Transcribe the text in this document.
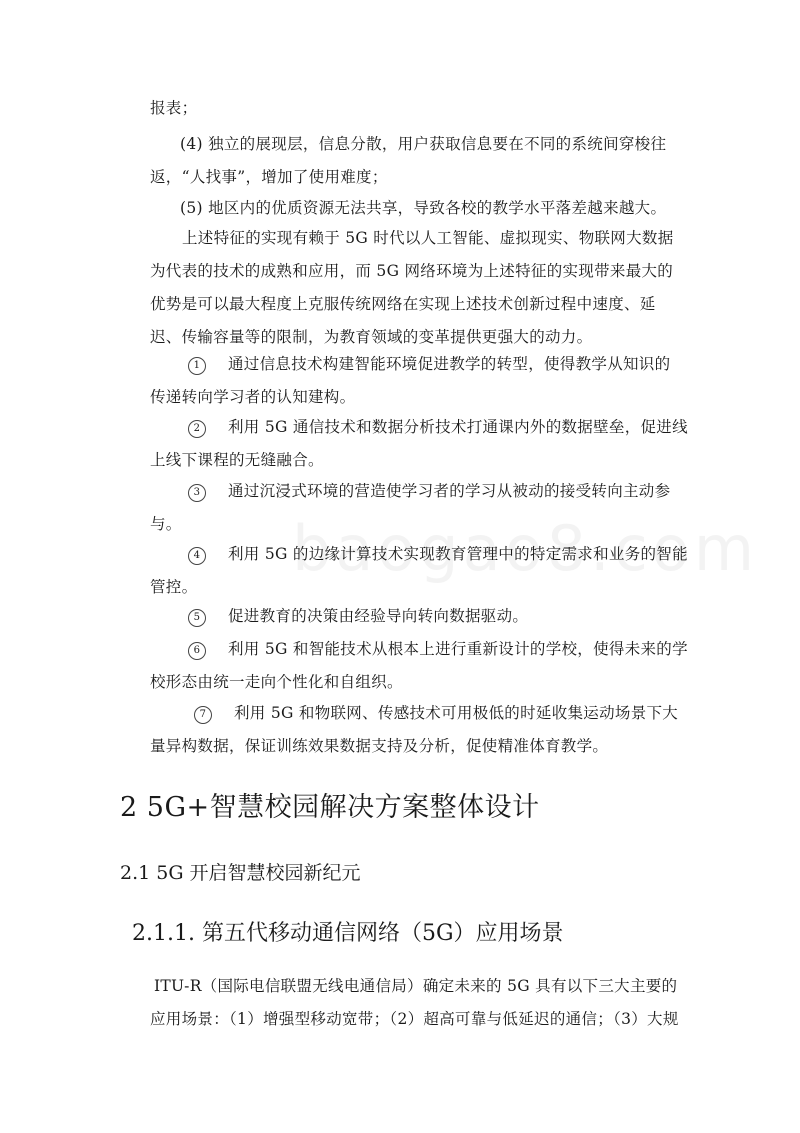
报表；
(4) 独立的展现层，信息分散，用户获取信息要在不同的系统间穿梭往
返，“人找事”，增加了使用难度；
(5) 地区内的优质资源无法共享，导致各校的教学水平落差越来越大。
上述特征的实现有赖于 5G 时代以人工智能、虚拟现实、物联网大数据
为代表的技术的成熟和应用，而 5G 网络环境为上述特征的实现带来最大的
优势是可以最大程度上克服传统网络在实现上述技术创新过程中速度、延
迟、传输容量等的限制，为教育领域的变革提供更强大的动力。
1 通过信息技术构建智能环境促进教学的转型，使得教学从知识的
传递转向学习者的认知建构。
2 利用 5G 通信技术和数据分析技术打通课内外的数据壁垒，促进线
上线下课程的无缝融合。
3 通过沉浸式环境的营造使学习者的学习从被动的接受转向主动参
与。
4 利用 5G 的边缘计算技术实现教育管理中的特定需求和业务的智能
管控。
5 促进教育的决策由经验导向转向数据驱动。
6 利用 5G 和智能技术从根本上进行重新设计的学校，使得未来的学
校形态由统一走向个性化和自组织。
7 利用 5G 和物联网、传感技术可用极低的时延收集运动场景下大
量异构数据，保证训练效果数据支持及分析，促使精准体育教学。
2 5G+智慧校园解决方案整体设计
2.1 5G 开启智慧校园新纪元
2.1.1. 第五代移动通信网络（5G）应用场景
ITU-R（国际电信联盟无线电通信局）确定未来的 5G 具有以下三大主要的
应用场景：（1）增强型移动宽带；（2）超高可靠与低延迟的通信；（3）大规
